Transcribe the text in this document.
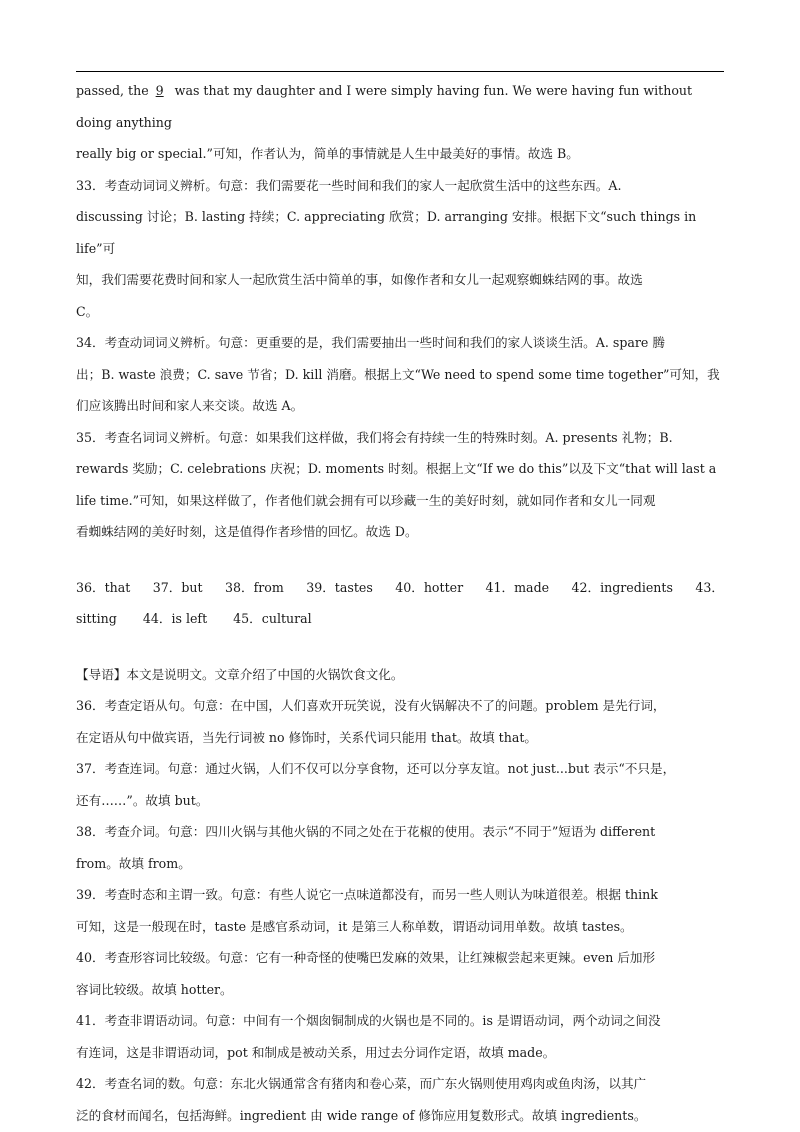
passed, the 9 was that my daughter and I were simply having fun. We were having fun without doing anything

really big or special.”可知，作者认为，简单的事情就是人生中最美好的事情。故选 B。

33．考查动词词义辨析。句意：我们需要花一些时间和我们的家人一起欣赏生活中的这些东西。A.

discussing 讨论；B. lasting 持续；C. appreciating 欣赏；D. arranging 安排。根据下文“such things in life”可

知，我们需要花费时间和家人一起欣赏生活中简单的事，如像作者和女儿一起观察蜘蛛结网的事。故选

C。

34．考查动词词义辨析。句意：更重要的是，我们需要抽出一些时间和我们的家人谈谈生活。A. spare 腾

出；B. waste 浪费；C. save 节省；D. kill 消磨。根据上文“We need to spend some time together”可知，我

们应该腾出时间和家人来交谈。故选 A。

35．考查名词词义辨析。句意：如果我们这样做，我们将会有持续一生的特殊时刻。A. presents 礼物；B.

rewards 奖励；C. celebrations 庆祝；D. moments 时刻。根据上文“If we do this”以及下文“that will last a

life time.”可知，如果这样做了，作者他们就会拥有可以珍藏一生的美好时刻，就如同作者和女儿一同观

看蜘蛛结网的美好时刻，这是值得作者珍惜的回忆。故选 D。

36．that 37．but 38．from 39．tastes 40．hotter 41．made 42．ingredients 43．
sitting 44．is left 45．cultural

【导语】本文是说明文。文章介绍了中国的火锅饮食文化。

36．考查定语从句。句意：在中国，人们喜欢开玩笑说，没有火锅解决不了的问题。problem 是先行词，

在定语从句中做宾语，当先行词被 no 修饰时，关系代词只能用 that。故填 that。

37．考查连词。句意：通过火锅，人们不仅可以分享食物，还可以分享友谊。not just...but 表示“不只是，

还有……”。故填 but。

38．考查介词。句意：四川火锅与其他火锅的不同之处在于花椒的使用。表示“不同于”短语为 different

from。故填 from。

39．考查时态和主谓一致。句意：有些人说它一点味道都没有，而另一些人则认为味道很差。根据 think

可知，这是一般现在时，taste 是感官系动词，it 是第三人称单数，谓语动词用单数。故填 tastes。

40．考查形容词比较级。句意：它有一种奇怪的使嘴巴发麻的效果，让红辣椒尝起来更辣。even 后加形

容词比较级。故填 hotter。

41．考查非谓语动词。句意：中间有一个烟囱铜制成的火锅也是不同的。is 是谓语动词，两个动词之间没

有连词，这是非谓语动词，pot 和制成是被动关系，用过去分词作定语，故填 made。

42．考查名词的数。句意：东北火锅通常含有猪肉和卷心菜，而广东火锅则使用鸡肉或鱼肉汤，以其广

泛的食材而闻名，包括海鲜。ingredient 由 wide range of 修饰应用复数形式。故填 ingredients。
